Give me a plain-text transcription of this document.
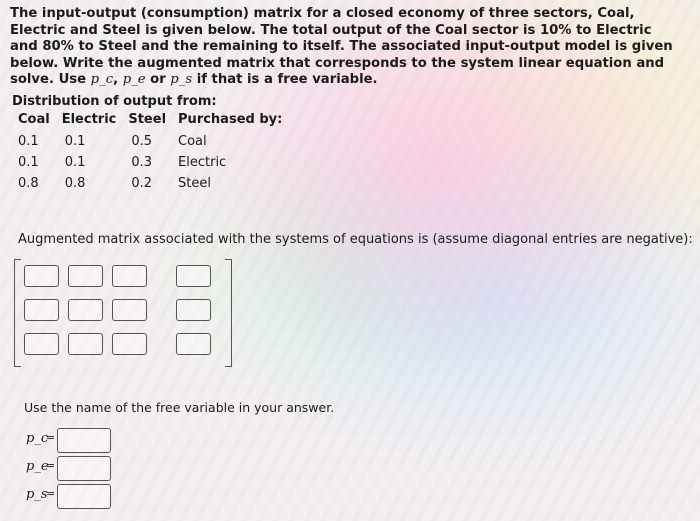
The input-output (consumption) matrix for a closed economy of three sectors, Coal, Electric and Steel is given below. The total output of the Coal sector is 10% to Electric and 80% to Steel and the remaining to itself. The associated input-output model is given below. Write the augmented matrix that corresponds to the system linear equation and solve. Use p_c, p_e or p_s if that is a free variable.
Distribution of output from:
Coal	Electric	Steel	Purchased by:
0.1	0.1	0.5	Coal
0.1	0.1	0.3	Electric
0.8	0.8	0.2	Steel
Augmented matrix associated with the systems of equations is (assume diagonal entries are negative):
Use the name of the free variable in your answer.
p_c
=
p_e
=
p_s
=
